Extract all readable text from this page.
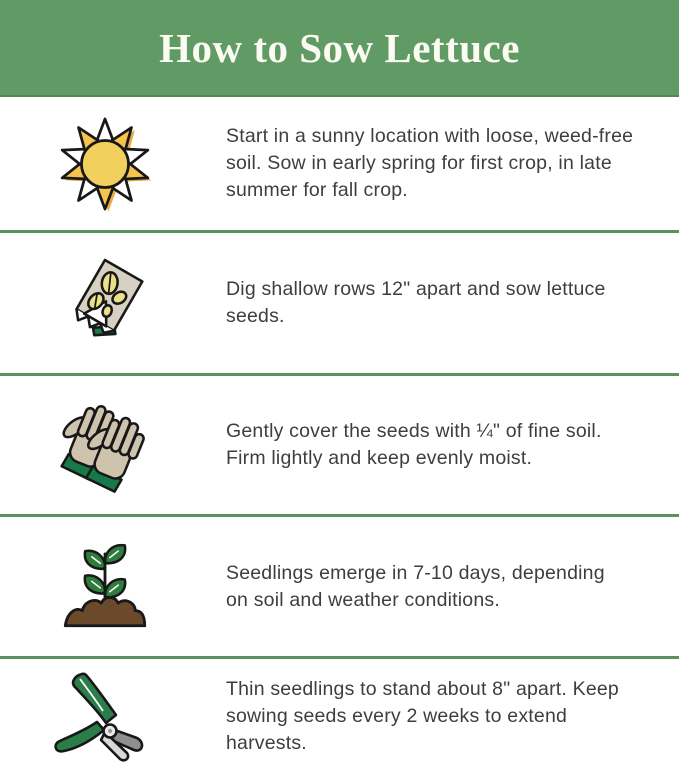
How to Sow Lettuce
Start in a sunny location with loose, weed-free
soil. Sow in early spring for first crop, in late
summer for fall crop.
Dig shallow rows 12" apart and sow lettuce seeds.
Gently cover the seeds with ¼" of fine soil.
Firm lightly and keep evenly moist.
Seedlings emerge in 7-10 days, depending
on soil and weather conditions.
Thin seedlings to stand about 8" apart. Keep
sowing seeds every 2 weeks to extend harvests.
